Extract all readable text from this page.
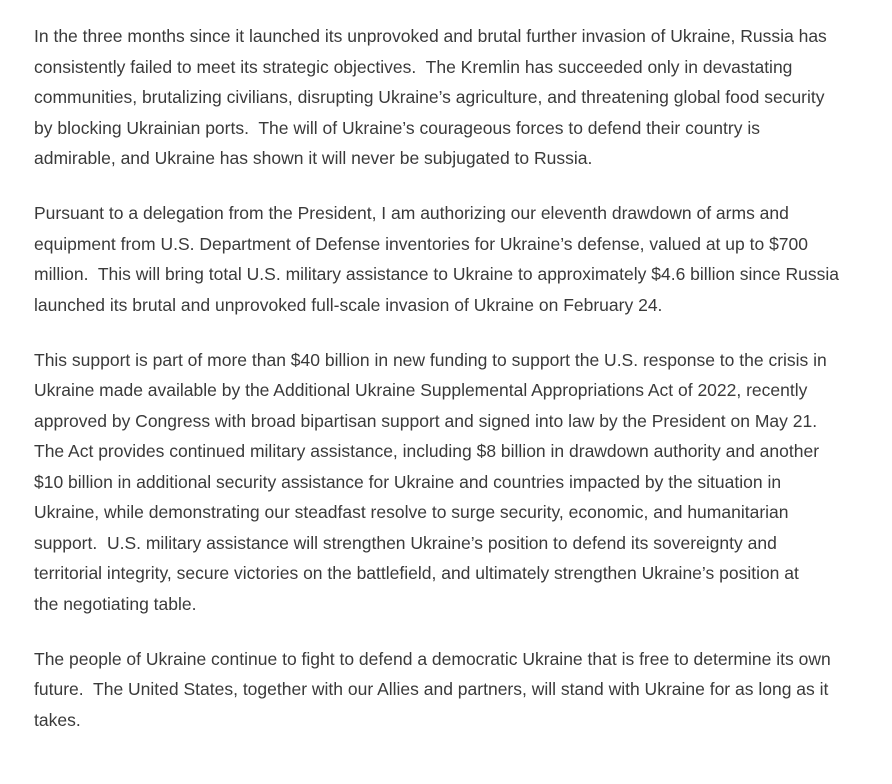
In the three months since it launched its unprovoked and brutal further invasion of Ukraine, Russia has
consistently failed to meet its strategic objectives.  The Kremlin has succeeded only in devastating
communities, brutalizing civilians, disrupting Ukraine’s agriculture, and threatening global food security
by blocking Ukrainian ports.  The will of Ukraine’s courageous forces to defend their country is
admirable, and Ukraine has shown it will never be subjugated to Russia.

Pursuant to a delegation from the President, I am authorizing our eleventh drawdown of arms and
equipment from U.S. Department of Defense inventories for Ukraine’s defense, valued at up to $700
million.  This will bring total U.S. military assistance to Ukraine to approximately $4.6 billion since Russia
launched its brutal and unprovoked full-scale invasion of Ukraine on February 24.

This support is part of more than $40 billion in new funding to support the U.S. response to the crisis in
Ukraine made available by the Additional Ukraine Supplemental Appropriations Act of 2022, recently
approved by Congress with broad bipartisan support and signed into law by the President on May 21.
The Act provides continued military assistance, including $8 billion in drawdown authority and another
$10 billion in additional security assistance for Ukraine and countries impacted by the situation in
Ukraine, while demonstrating our steadfast resolve to surge security, economic, and humanitarian
support.  U.S. military assistance will strengthen Ukraine’s position to defend its sovereignty and
territorial integrity, secure victories on the battlefield, and ultimately strengthen Ukraine’s position at
the negotiating table.

The people of Ukraine continue to fight to defend a democratic Ukraine that is free to determine its own
future.  The United States, together with our Allies and partners, will stand with Ukraine for as long as it
takes.
